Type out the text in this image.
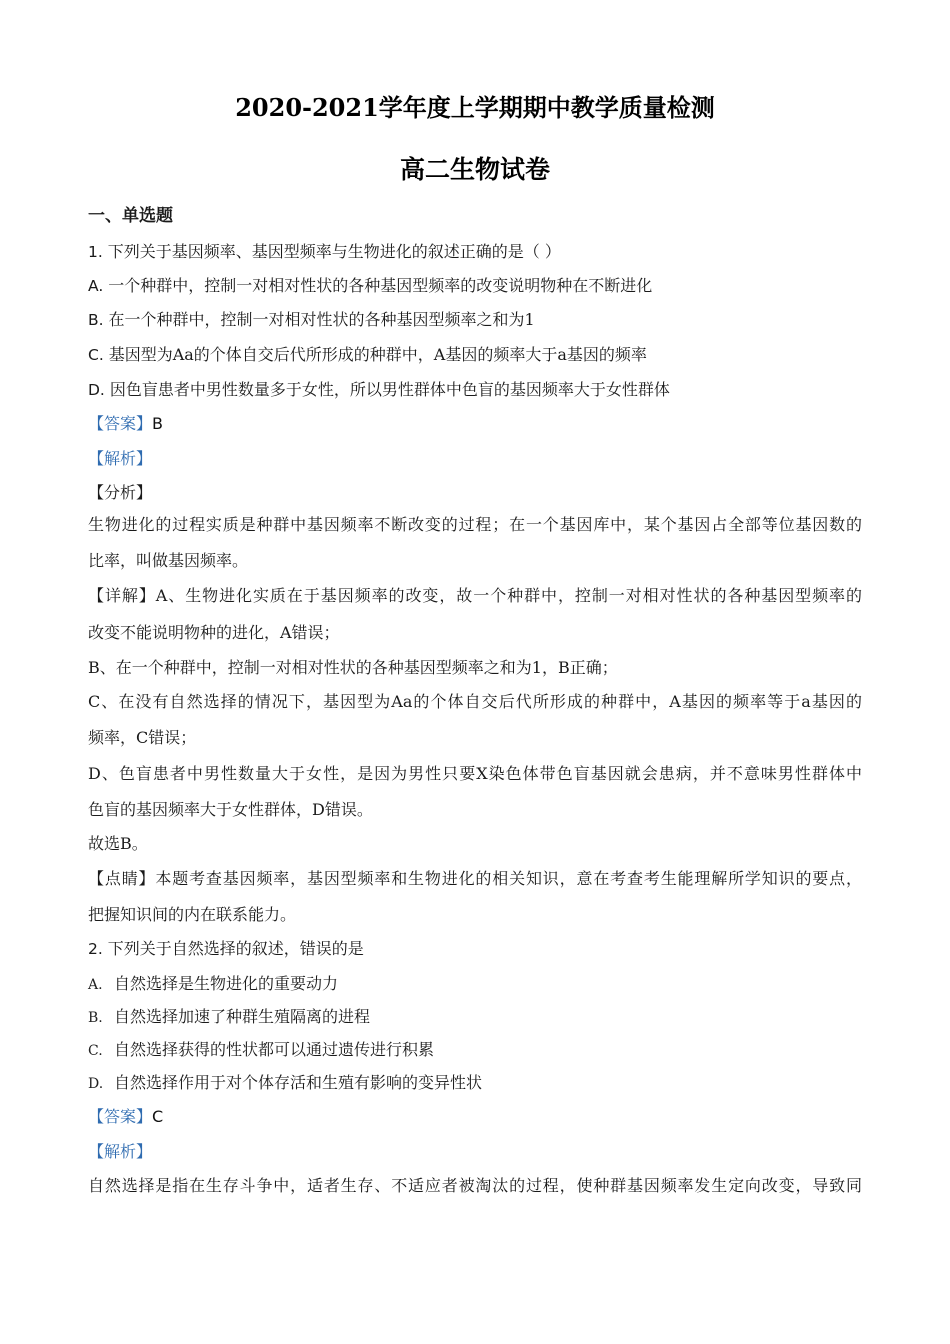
2020-2021学年度上学期期中教学质量检测
高二生物试卷
一、单选题
1. 下列关于基因频率、基因型频率与生物进化的叙述正确的是（ ）
A. 一个种群中，控制一对相对性状的各种基因型频率的改变说明物种在不断进化
B. 在一个种群中，控制一对相对性状的各种基因型频率之和为1
C. 基因型为Aa的个体自交后代所形成的种群中，A基因的频率大于a基因的频率
D. 因色盲患者中男性数量多于女性，所以男性群体中色盲的基因频率大于女性群体
【答案】B
【解析】
【分析】
生物进化的过程实质是种群中基因频率不断改变的过程；在一个基因库中，某个基因占全部等位基因数的
比率，叫做基因频率。
【详解】A、生物进化实质在于基因频率的改变，故一个种群中，控制一对相对性状的各种基因型频率的
改变不能说明物种的进化，A错误；
B、在一个种群中，控制一对相对性状的各种基因型频率之和为1，B正确；
C、在没有自然选择的情况下，基因型为Aa的个体自交后代所形成的种群中，A基因的频率等于a基因的
频率，C错误；
D、色盲患者中男性数量大于女性，是因为男性只要X染色体带色盲基因就会患病，并不意味男性群体中
色盲的基因频率大于女性群体，D错误。
故选B。
【点睛】本题考查基因频率，基因型频率和生物进化的相关知识，意在考查考生能理解所学知识的要点，
把握知识间的内在联系能力。
2. 下列关于自然选择的叙述，错误的是
A. 自然选择是生物进化的重要动力
B. 自然选择加速了种群生殖隔离的进程
C. 自然选择获得的性状都可以通过遗传进行积累
D. 自然选择作用于对个体存活和生殖有影响的变异性状
【答案】C
【解析】
自然选择是指在生存斗争中，适者生存、不适应者被淘汰的过程，使种群基因频率发生定向改变，导致同
